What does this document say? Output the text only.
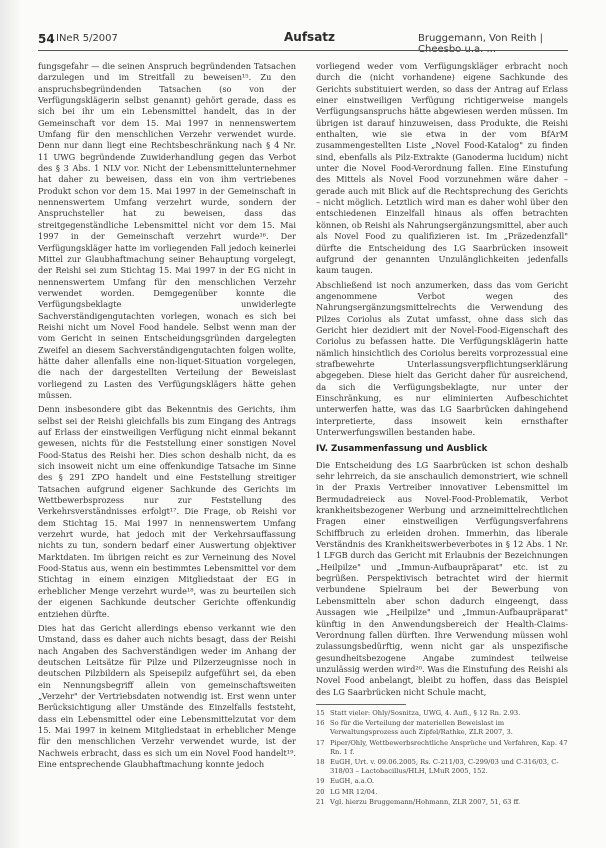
54 INeR 5/2007	Aufsatz	Bruggemann, Von Reith |

fungsgefahr — die seinen Anspruch begründenden Tatsachen darzulegen und im Streitfall zu beweisen¹⁵. Zu den anspruchsbegründenden Tatsachen (so von der Verfügungsklägerin selbst genannt) gehört gerade, dass es sich bei ihr um ein Lebensmittel handelt, das in der Gemeinschaft vor dem 15. Mai 1997 in nennenswertem Umfang für den menschlichen Verzehr verwendet wurde. Denn nur dann liegt eine Rechtsbeschränkung nach § 4 Nr. 11 UWG begründende Zuwiderhandlung gegen das Verbot des § 3 Abs. 1 NLV vor. Nicht der Lebensmittelunternehmer hat daher zu beweisen, dass ein von ihm vertriebenes Produkt schon vor dem 15. Mai 1997 in der Gemeinschaft in nennenswertem Umfang verzehrt wurde, sondern der Anspruchsteller hat zu beweisen, dass das streitgegenständliche Lebensmittel nicht vor dem 15. Mai 1997 in der Gemeinschaft verzehrt wurde¹⁶. Der Verfügungskläger hatte im vorliegenden Fall jedoch keinerlei Mittel zur Glaubhaftmachung seiner Behauptung vorgelegt, der Reishi sei zum Stichtag 15. Mai 1997 in der EG nicht in nennenswertem Umfang für den menschlichen Verzehr verwendet worden. Demgegenüber konnte die Verfügungsbeklagte unwiderlegte Sachverständigengutachten vorlegen, wonach es sich bei Reishi nicht um Novel Food handele. Selbst wenn man der vom Gericht in seinen Entscheidungsgründen dargelegten Zweifel an diesem Sachverständigengutachten folgen wollte, hätte daher allenfalls eine non-liquet-Situation vorgelegen, die nach der dargestellten Verteilung der Beweislast vorliegend zu Lasten des Verfügungsklägers hätte gehen müssen.

Denn insbesondere gibt das Bekenntnis des Gerichts, ihm selbst sei der Reishi gleichfalls bis zum Eingang des Antrags auf Erlass der einstweiligen Verfügung nicht einmal bekannt gewesen, nichts für die Feststellung einer sonstigen Novel Food-Status des Reishi her. Dies schon deshalb nicht, da es sich insoweit nicht um eine offenkundige Tatsache im Sinne des § 291 ZPO handelt und eine Feststellung streitiger Tatsachen aufgrund eigener Sachkunde des Gerichts im Wettbewerbsprozess nur zur Feststellung des Verkehrsverständnisses erfolgt¹⁷. Die Frage, ob Reishi vor dem Stichtag 15. Mai 1997 in nennenswertem Umfang verzehrt wurde, hat jedoch mit der Verkehrsauffassung nichts zu tun, sondern bedarf einer Auswertung objektiver Marktdaten. Im übrigen reicht es zur Verneinung des Novel Food-Status aus, wenn ein bestimmtes Lebensmittel vor dem Stichtag in einem einzigen Mitgliedstaat der EG in erheblicher Menge verzehrt wurde¹⁸, was zu beurteilen sich der eigenen Sachkunde deutscher Gerichte offenkundig entziehen dürfte.

Dies hat das Gericht allerdings ebenso verkannt wie den Umstand, dass es daher auch nichts besagt, dass der Reishi nach Angaben des Sachverständigen weder im Anhang der deutschen Leitsätze für Pilze und Pilzerzeugnisse noch in deutschen Pilzbildern als Speisepilz aufgeführt sei, da eben ein Nennungsbegriff allein von gemeinschaftsweiten „Verzehr" der Vertriebsdaten notwendig ist. Erst wenn unter Berücksichtigung aller Umstände des Einzelfalls feststeht, dass ein Lebensmittel oder eine Lebensmittelzutat vor dem 15. Mai 1997 in keinem Mitgliedstaat in erheblicher Menge für den menschlichen Verzehr verwendet wurde, ist der Nachweis erbracht, dass es sich um ein Novel Food handelt¹⁹. Eine entsprechende Glaubhaftmachung konnte jedoch

vorliegend weder vom Verfügungskläger erbracht noch durch die (nicht vorhandene) eigene Sachkunde des Gerichts substituiert werden, so dass der Antrag auf Erlass einer einstweiligen Verfügung richtigerweise mangels Verfügungsanspruchs hätte abgewiesen werden müssen. Im übrigen ist darauf hinzuweisen, dass Produkte, die Reishi enthalten, wie sie etwa in der vom BfArM zusammengestellten Liste „Novel Food-Katalog" zu finden sind, ebenfalls als Pilz-Extrakte (Ganoderma lucidum) nicht unter die Novel Food-Verordnung fallen. Eine Einstufung des Mittels als Novel Food vorzunehmen wäre daher – gerade auch mit Blick auf die Rechtsprechung des Gerichts – nicht möglich. Letztlich wird man es daher wohl über den entschiedenen Einzelfall hinaus als offen betrachten können, ob Reishi als Nahrungsergänzungsmittel, aber auch als Novel Food zu qualifizieren ist. Im „Präzedenzfall" dürfte die Entscheidung des LG Saarbrücken insoweit aufgrund der genannten Unzulänglichkeiten jedenfalls kaum taugen.

Abschließend ist noch anzumerken, dass das vom Gericht angenommene Verbot wegen des Nahrungsergänzungsmittelrechts die Verwendung des Pilzes Coriolus als Zutat umfasst, ohne dass sich das Gericht hier dezidiert mit der Novel-Food-Eigenschaft des Coriolus zu befassen hatte. Die Verfügungsklägerin hatte nämlich hinsichtlich des Coriolus bereits vorprozessual eine strafbewehrte Unterlassungsverpflichtungserklärung abgegeben. Diese hielt das Gericht daher für ausreichend, da sich die Verfügungsbeklagte, nur unter der Einschränkung, es nur eliminierten Aufbeschichtet unterwerfen hatte, was das LG Saarbrücken dahingehend interpretierte, dass insoweit kein ernsthafter Unterwerfungswillen bestanden habe.

IV. Zusammenfassung und Ausblick

Die Entscheidung des LG Saarbrücken ist schon deshalb sehr lehrreich, da sie anschaulich demonstriert, wie schnell in der Praxis Vertreiber innovativer Lebensmittel im Bermudadreieck aus Novel-Food-Problematik, Verbot krankheitsbezogener Werbung und arzneimittelrechtlichen Fragen einer einstweiligen Verfügungsverfahrens Schiffbruch zu erleiden drohen. Immerhin, das liberale Verständnis des Krankheitswerbeverbotes in § 12 Abs. 1 Nr. 1 LFGB durch das Gericht mit Erlaubnis der Bezeichnungen „Heilpilze" und „Immun-Aufbaupräparat" etc. ist zu begrüßen. Perspektivisch betrachtet wird der hiermit verbundene Spielraum bei der Bewerbung von Lebensmitteln aber schon dadurch eingeengt, dass Aussagen wie „Heilpilze" und „Immun-Aufbaupräparat" künftig in den Anwendungsbereich der Health-Claims-Verordnung fallen dürften. Ihre Verwendung müssen wohl zulassungsbedürftig, wenn nicht gar als unspezifische gesundheitsbezogene Angabe zumindest teilweise unzulässig werden wird²⁰. Was die Einstufung des Reishi als Novel Food anbelangt, bleibt zu hoffen, dass das Beispiel des LG Saarbrücken nicht Schule macht,

15 Statt vieler: Ohly/Sosnitza, UWG, 4. Aufl., § 12 Rn. 2.93.
16 So für die Verteilung der materiellen Beweislast im Verwaltungsprozess auch Zipfel/Rathke, ZLR 2007, 3.
17 Piper/Ohly, Wettbewerbsrechtliche Ansprüche und Verfahren, Kap. 47 Rn. 1 f.
18 EuGH, Urt. v. 09.06.2005, Rs. C-211/03, C-299/03 und C-316/03, C-318/03 – Lactobacillus/HLH, LMuR 2005, 152.
19 EuGH, a.a.O.
20 LG MR 12/04.
21 Vgl. hierzu Bruggemann/Hohmann, ZLR 2007, 51, 63 ff.
